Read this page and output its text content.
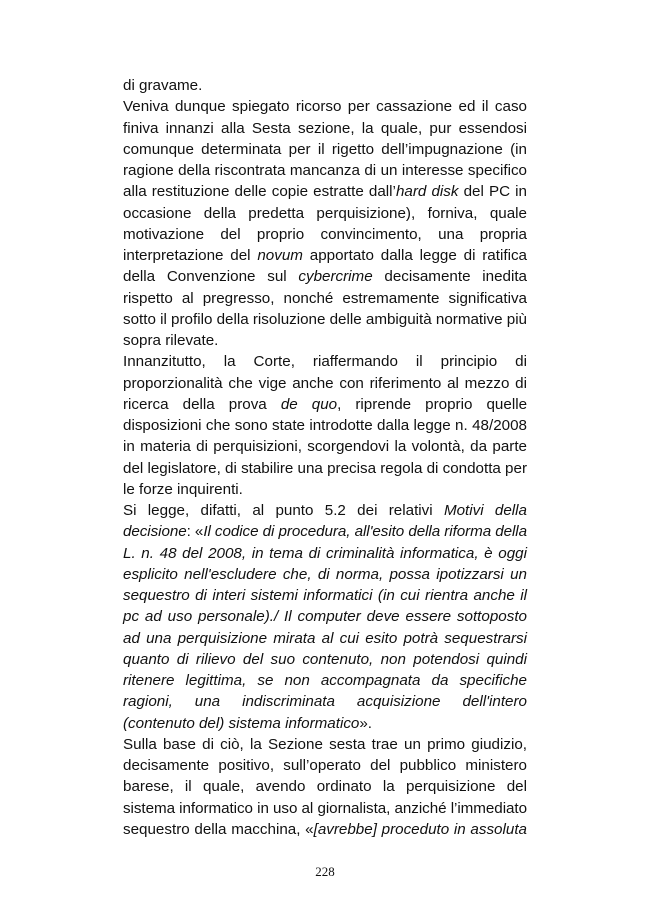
di gravame.

Veniva dunque spiegato ricorso per cassazione ed il caso
finiva innanzi alla Sesta sezione, la quale, pur essendosi
comunque determinata per il rigetto dell’impugnazione (in
ragione della riscontrata mancanza di un interesse specifico
alla restituzione delle copie estratte dall’hard disk del PC in
occasione della predetta perquisizione), forniva, quale
motivazione del proprio convincimento, una propria
interpretazione del novum apportato dalla legge di ratifica
della Convenzione sul cybercrime decisamente inedita
rispetto al pregresso, nonché estremamente significativa
sotto il profilo della risoluzione delle ambiguità normative più
sopra rilevate.

Innanzitutto, la Corte, riaffermando il principio di
proporzionalità che vige anche con riferimento al mezzo di
ricerca della prova de quo, riprende proprio quelle
disposizioni che sono state introdotte dalla legge n. 48/2008
in materia di perquisizioni, scorgendovi la volontà, da parte
del legislatore, di stabilire una precisa regola di condotta per
le forze inquirenti.

Si legge, difatti, al punto 5.2 dei relativi Motivi della
decisione: «Il codice di procedura, all'esito della riforma della
L. n. 48 del 2008, in tema di criminalità informatica, è oggi
esplicito nell'escludere che, di norma, possa ipotizzarsi un
sequestro di interi sistemi informatici (in cui rientra anche il
pc ad uso personale)./ Il computer deve essere sottoposto
ad una perquisizione mirata al cui esito potrà sequestrarsi
quanto di rilievo del suo contenuto, non potendosi quindi
ritenere legittima, se non accompagnata da specifiche
ragioni, una indiscriminata acquisizione dell'intero
(contenuto del) sistema informatico».

Sulla base di ciò, la Sezione sesta trae un primo giudizio,
decisamente positivo, sull’operato del pubblico ministero
barese, il quale, avendo ordinato la perquisizione del
sistema informatico in uso al giornalista, anziché l’immediato
sequestro della macchina, «[avrebbe] proceduto in assoluta

228
